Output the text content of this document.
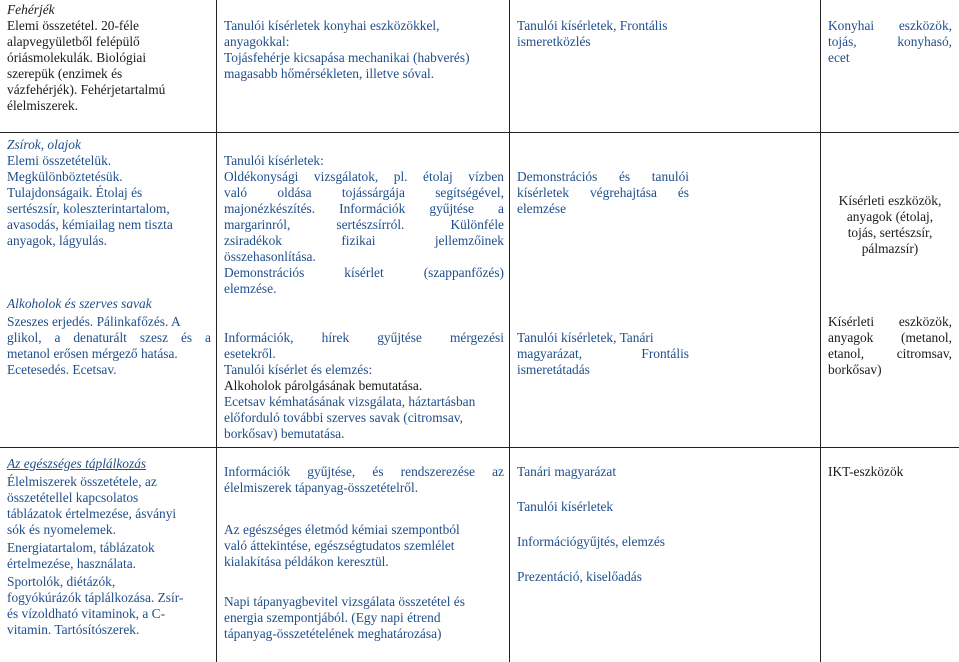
Fehérjék
Elemi összetétel. 20-féle
alapvegyületből felépülő
óriásmolekulák. Biológiai
szerepük (enzimek és
vázfehérjék). Fehérjetartalmú
élelmiszerek.
Tanulói kísérletek konyhai eszközökkel,
anyagokkal:
Tojásfehérje kicsapása mechanikai (habverés)
magasabb hőmérsékleten, illetve sóval.
Tanulói kísérletek, Frontális
ismeretközlés
Konyhai eszközök,
tojás, konyhasó,
ecet
Zsírok, olajok
Elemi összetételük.
Megkülönböztetésük.
Tulajdonságaik. Étolaj és
sertészsír, koleszterintartalom,
avasodás, kémiailag nem tiszta
anyagok, lágyulás.
Tanulói kísérletek:
Oldékonysági vizsgálatok, pl. étolaj vízben
való oldása tojássárgája segítségével,
majonézkészítés. Információk gyűjtése a
margarinról, sertészsírról. Különféle
zsiradékok fizikai jellemzőinek
összehasonlítása.
Demonstrációs kísérlet (szappanfőzés)
elemzése.
Demonstrációs és tanulói
kísérletek végrehajtása és
elemzése
Kísérleti eszközök,
anyagok (étolaj,
tojás, sertészsír,
pálmazsír)
Alkoholok és szerves savak
Szeszes erjedés. Pálinkafőzés. A
glikol, a denaturált szesz és a
metanol erősen mérgező hatása.
Ecetesedés. Ecetsav.
Információk, hírek gyűjtése mérgezési
esetekről.
Tanulói kísérlet és elemzés:
Alkoholok párolgásának bemutatása.
Ecetsav kémhatásának vizsgálata, háztartásban
előforduló további szerves savak (citromsav,
borkősav) bemutatása.
Tanulói kísérletek, Tanári
magyarázat, Frontális
ismeretátadás
Kísérleti eszközök,
anyagok (metanol,
etanol, citromsav,
borkősav)
Az egészséges táplálkozás
Élelmiszerek összetétele, az
összetétellel kapcsolatos
táblázatok értelmezése, ásványi
sók és nyomelemek.
Energiatartalom, táblázatok
értelmezése, használata.
Sportolók, diétázók,
fogyókúrázók táplálkozása. Zsír-
és vízoldható vitaminok, a C-
vitamin. Tartósítószerek.
Információk gyűjtése, és rendszerezése az
élelmiszerek tápanyag-összetételről.
Az egészséges életmód kémiai szempontból
való áttekintése, egészségtudatos szemlélet
kialakítása példákon keresztül.
Napi tápanyagbevitel vizsgálata összetétel és
energia szempontjából. (Egy napi étrend
tápanyag-összetételének meghatározása)
Tanári magyarázat
Tanulói kísérletek
Információgyűjtés, elemzés
Prezentáció, kiselőadás
IKT-eszközök
